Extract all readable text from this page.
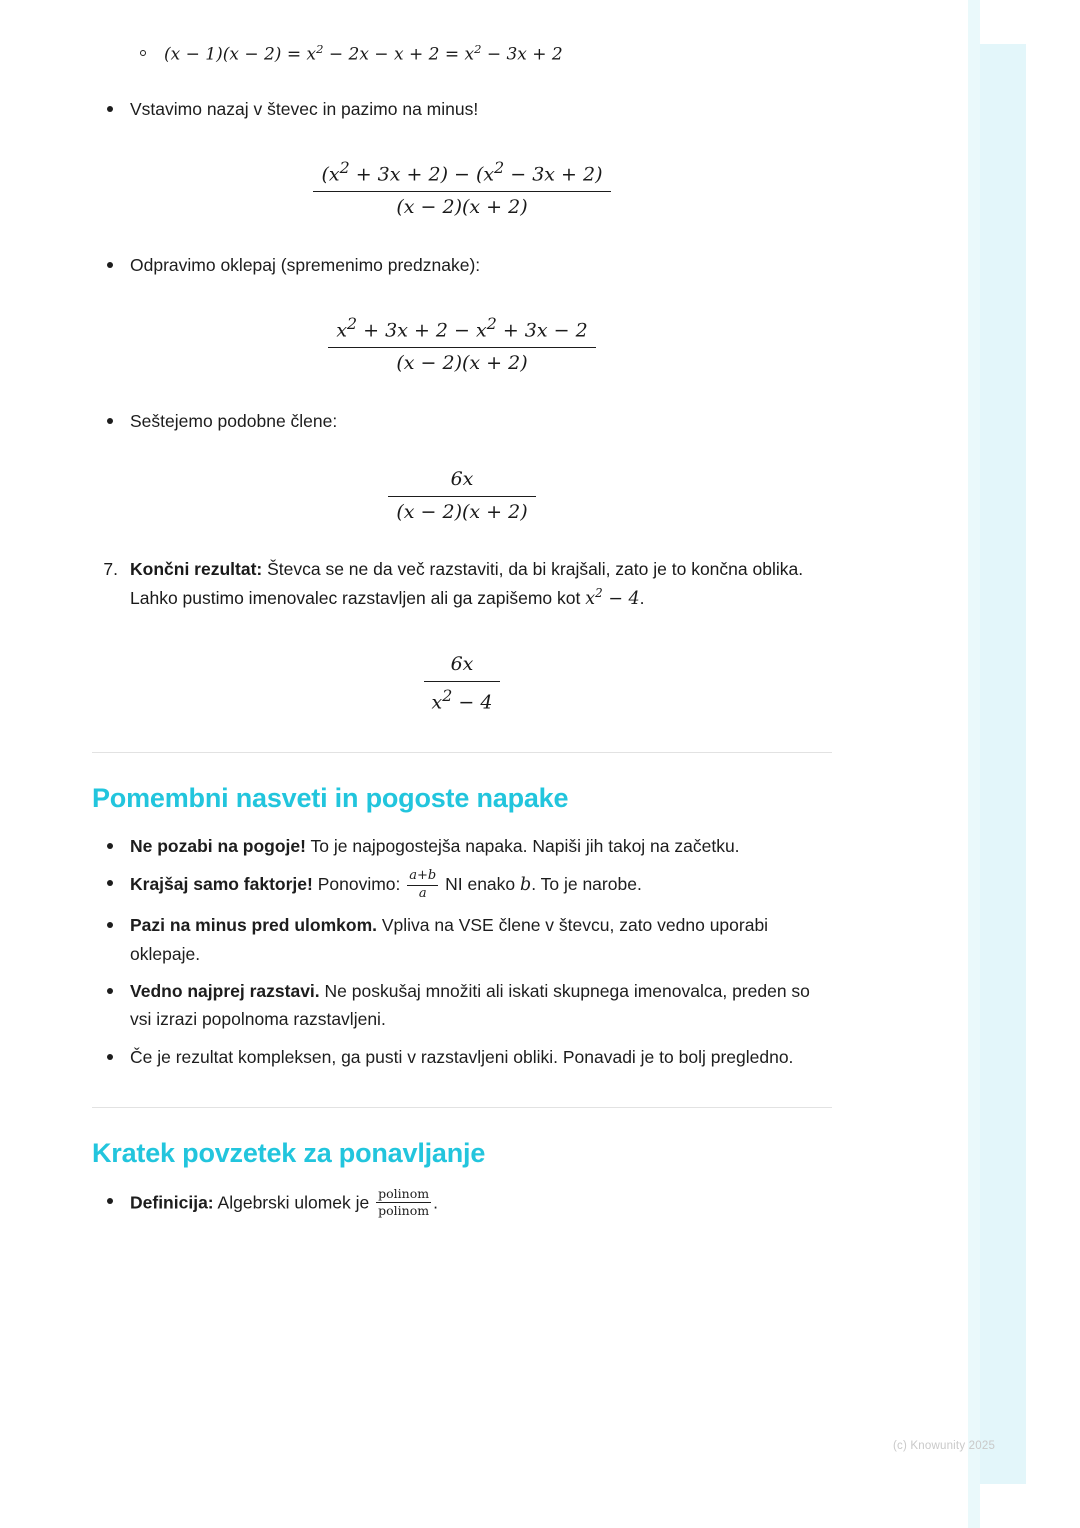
$(x - 1)(x - 2) = x^2 - 2x - x + 2 = x^2 - 3x + 2$
Vstavimo nazaj v števec in pazimo na minus!
$\frac{(x^2 + 3x + 2) - (x^2 - 3x + 2)}{(x - 2)(x + 2)}$
Odpravimo oklepaj (spremenimo predznake):
$\frac{x^2 + 3x + 2 - x^2 + 3x - 2}{(x - 2)(x + 2)}$
Seštejemo podobne člene:
$\frac{6x}{(x - 2)(x + 2)}$
7. Končni rezultat: Števca se ne da več razstaviti, da bi krajšali, zato je to končna oblika. Lahko pustimo imenovalec razstavljen ali ga zapišemo kot $x^2 - 4$.
$\frac{6x}{x^2 - 4}$
Pomembni nasveti in pogoste napake
Ne pozabi na pogoje! To je najpogostejša napaka. Napiši jih takoj na začetku.
Krajšaj samo faktorje! Ponovimo: $\frac{a+b}{a}$ NI enako b. To je narobe.
Pazi na minus pred ulomkom. Vpliva na VSE člene v števcu, zato vedno uporabi oklepaje.
Vedno najprej razstavi. Ne poskušaj množiti ali iskati skupnega imenovalca, preden so vsi izrazi popolnoma razstavljeni.
Če je rezultat kompleksen, ga pusti v razstavljeni obliki. Ponavadi je to bolj pregledno.
Kratek povzetek za ponavljanje
Definicija: Algebrski ulomek je $\frac{\text{polinom}}{\text{polinom}}$ .
(c) Knowunity 2025
